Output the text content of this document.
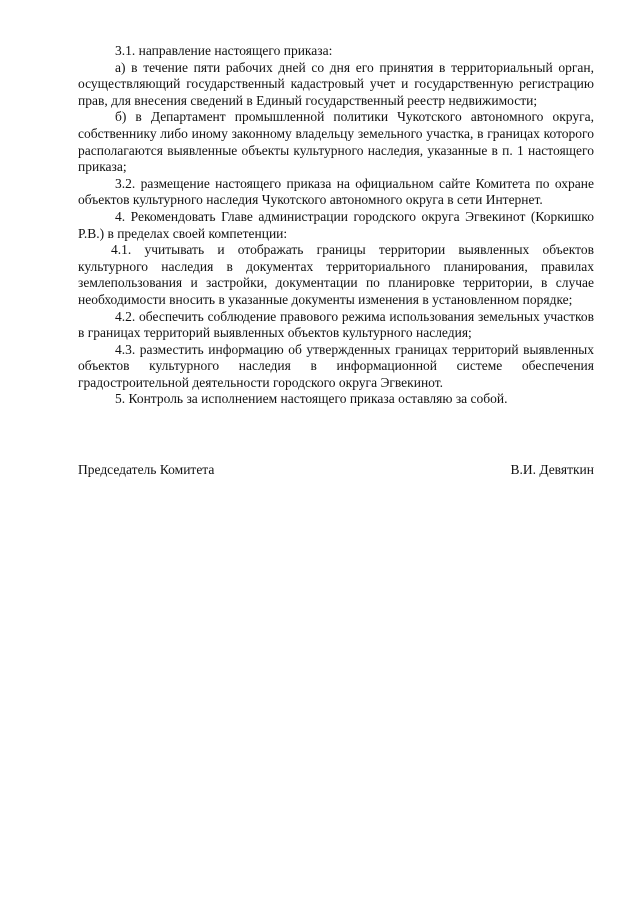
3.1. направление настоящего приказа:

а) в течение пяти рабочих дней со дня его принятия в территориальный орган, осуществляющий государственный кадастровый учет и государственную регистрацию прав, для внесения сведений в Единый государственный реестр недвижимости;

б) в Департамент промышленной политики Чукотского автономного округа, собственнику либо иному законному владельцу земельного участка, в границах которого располагаются выявленные объекты культурного наследия, указанные в п. 1 настоящего приказа;

3.2. размещение настоящего приказа на официальном сайте Комитета по охране объектов культурного наследия Чукотского автономного округа в сети Интернет.

4. Рекомендовать Главе администрации городского округа Эгвекинот (Коркишко Р.В.) в пределах своей компетенции:

4.1. учитывать и отображать границы территории выявленных объектов культурного наследия в документах территориального планирования, правилах землепользования и застройки, документации по планировке территории, в случае необходимости вносить в указанные документы изменения в установленном порядке;

4.2. обеспечить соблюдение правового режима использования земельных участков в границах территорий выявленных объектов культурного наследия;

4.3. разместить информацию об утвержденных границах территорий выявленных объектов культурного наследия в информационной системе обеспечения градостроительной деятельности городского округа Эгвекинот.

5. Контроль за исполнением настоящего приказа оставляю за собой.

Председатель Комитета	В.И. Девяткин
